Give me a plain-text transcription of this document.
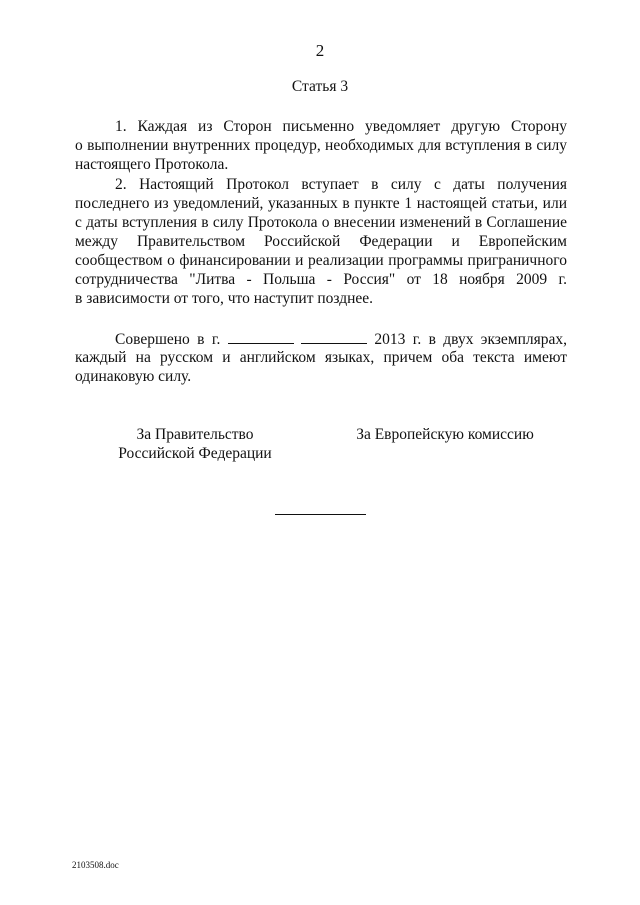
2
Статья 3
1. Каждая из Сторон письменно уведомляет другую Сторону
о выполнении внутренних процедур, необходимых для вступления в силу
настоящего Протокола.
2. Настоящий Протокол вступает в силу с даты получения
последнего из уведомлений, указанных в пункте 1 настоящей статьи, или
с даты вступления в силу Протокола о внесении изменений в Соглашение
между Правительством Российской Федерации и Европейским
сообществом о финансировании и реализации программы приграничного
сотрудничества "Литва - Польша - Россия" от 18 ноября 2009 г.
в зависимости от того, что наступит позднее.
Совершено в г.	2013 г. в двух экземплярах,
каждый на русском и английском языках, причем оба текста имеют
одинаковую силу.
За Правительство
Российской Федерации
За Европейскую комиссию
2103508.doc
